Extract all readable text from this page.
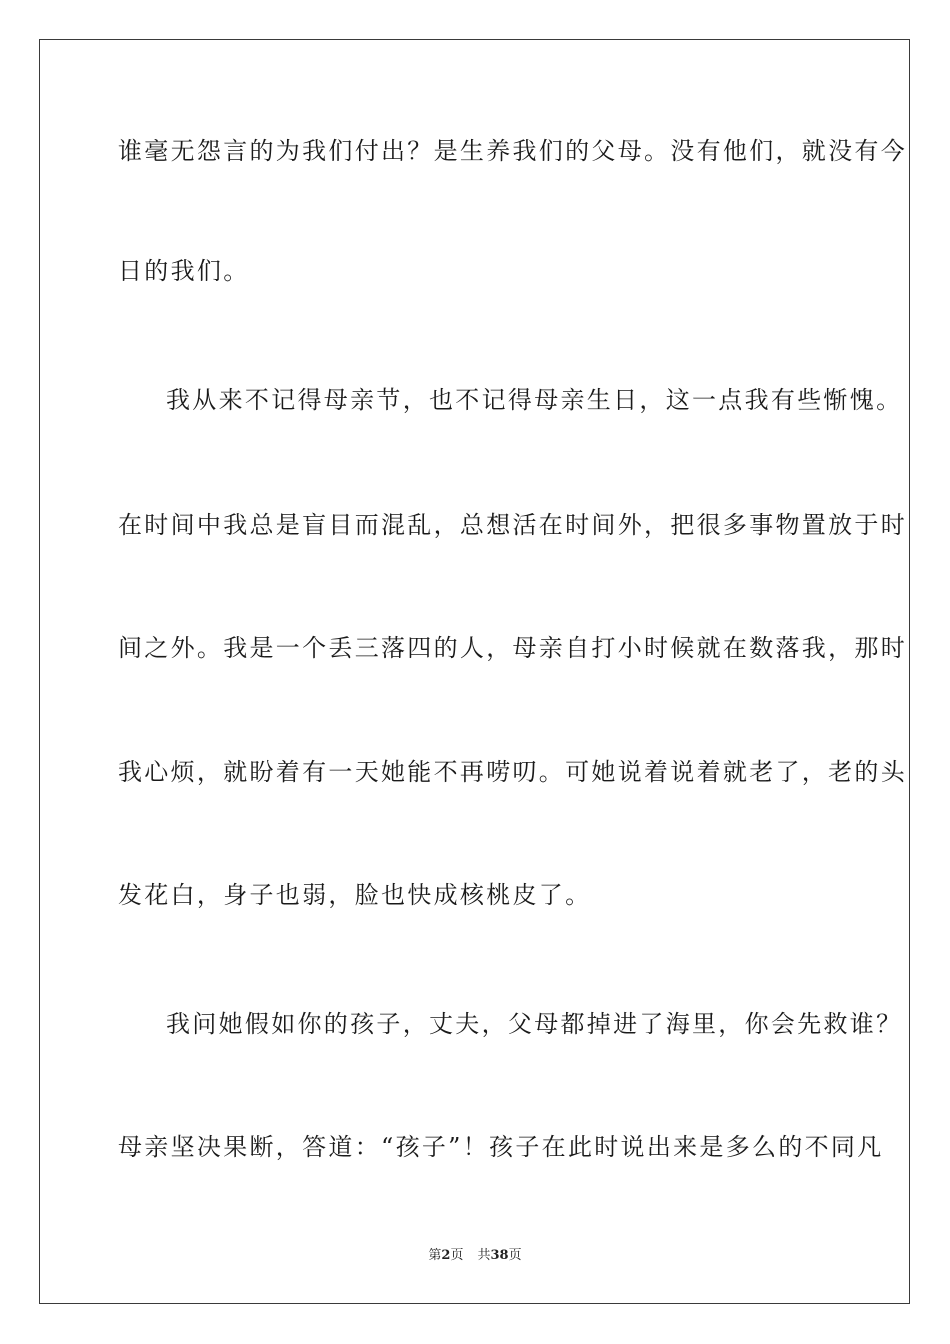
谁毫无怨言的为我们付出？是生养我们的父母。没有他们，就没有今
日的我们。
我从来不记得母亲节，也不记得母亲生日，这一点我有些惭愧。
在时间中我总是盲目而混乱，总想活在时间外，把很多事物置放于时
间之外。我是一个丢三落四的人，母亲自打小时候就在数落我，那时
我心烦，就盼着有一天她能不再唠叨。可她说着说着就老了，老的头
发花白，身子也弱，脸也快成核桃皮了。
我问她假如你的孩子，丈夫，父母都掉进了海里，你会先救谁？
母亲坚决果断，答道：“孩子”！孩子在此时说出来是多么的不同凡
第2页 共38页
